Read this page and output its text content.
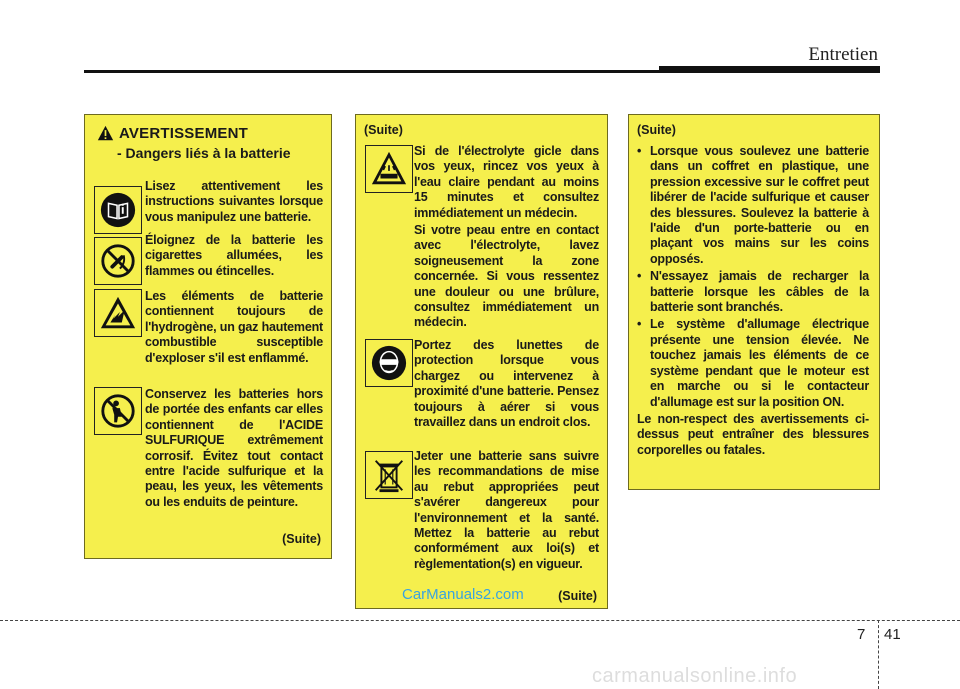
Entretien
AVERTISSEMENT
- Dangers liés à la batterie
Lisez attentivement les instructions suivantes lorsque vous manipulez une batterie.
Éloignez de la batterie les cigarettes allumées, les flammes ou étincelles.
Les éléments de batterie contiennent toujours de l'hydrogène, un gaz hautement combustible susceptible d'exploser s'il est enflammé.
Conservez les batteries hors de portée des enfants car elles contiennent de l'ACIDE SULFURIQUE extrêmement corrosif. Évitez tout contact entre l'acide sulfurique et la peau, les yeux, les vêtements ou les enduits de peinture.
(Suite)
(Suite)
Si de l'électrolyte gicle dans vos yeux, rincez vos yeux à l'eau claire pendant au moins 15 minutes et consultez immédiatement un médecin.
Si votre peau entre en contact avec l'électrolyte, lavez soigneusement la zone concernée. Si vous ressentez une douleur ou une brûlure, consultez immédiatement un médecin.
Portez des lunettes de protection lorsque vous chargez ou intervenez à proximité d'une batterie. Pensez toujours à aérer si vous travaillez dans un endroit clos.
Jeter une batterie sans suivre les recommandations de mise au rebut appropriées peut s'avérer dangereux pour l'environnement et la santé. Mettez la batterie au rebut conformément aux loi(s) et règlementation(s) en vigueur.
(Suite)
(Suite)
• Lorsque vous soulevez une batterie dans un coffret en plastique, une pression excessive sur le coffret peut libérer de l'acide sulfurique et causer des blessures. Soulevez la batterie à l'aide d'un porte-batterie ou en plaçant vos mains sur les coins opposés.
• N'essayez jamais de recharger la batterie lorsque les câbles de la batterie sont branchés.
• Le système d'allumage électrique présente une tension élevée. Ne touchez jamais les éléments de ce système pendant que le moteur est en marche ou si le contacteur d'allumage est sur la position ON.
Le non-respect des avertissements ci-dessus peut entraîner des blessures corporelles ou fatales.
CarManuals2.com
7 41
carmanualsonline.info
